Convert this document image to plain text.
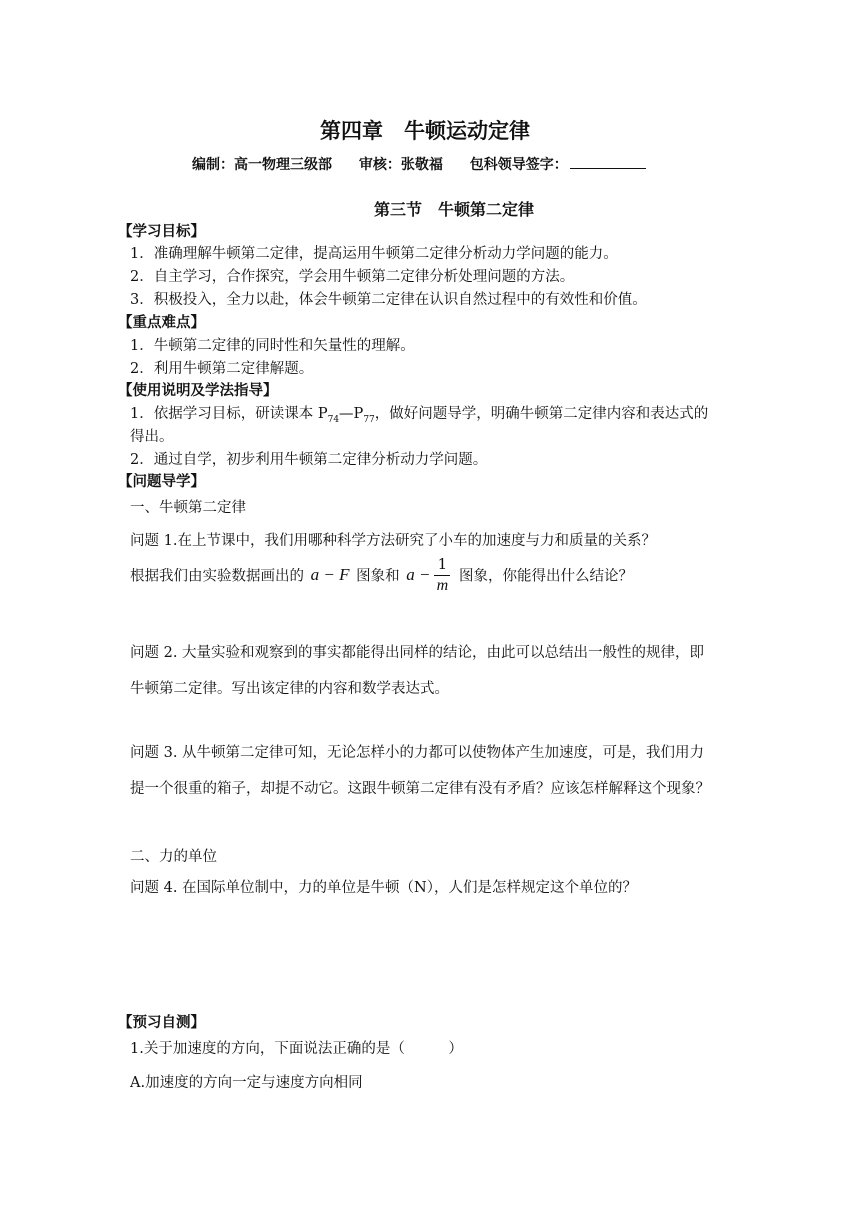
第四章　牛顿运动定律
编制：高一物理三级部 审核：张敬福 包科领导签字：
第三节　牛顿第二定律
【学习目标】
1．准确理解牛顿第二定律，提高运用牛顿第二定律分析动力学问题的能力。
2．自主学习，合作探究，学会用牛顿第二定律分析处理问题的方法。
3．积极投入，全力以赴，体会牛顿第二定律在认识自然过程中的有效性和价值。
【重点难点】
1．牛顿第二定律的同时性和矢量性的理解。
2．利用牛顿第二定律解题。
【使用说明及学法指导】
1．依据学习目标，研读课本 $P_{74}—P_{77}$，做好问题导学，明确牛顿第二定律内容和表达式的
得出。
2．通过自学，初步利用牛顿第二定律分析动力学问题。
【问题导学】
一、牛顿第二定律
问题 1.在上节课中，我们用哪种科学方法研究了小车的加速度与力和质量的关系？
根据我们由实验数据画出的 a − F 图象和 $a - \frac{1}{m}$ 图象，你能得出什么结论？
问题 2. 大量实验和观察到的事实都能得出同样的结论，由此可以总结出一般性的规律，即
牛顿第二定律。写出该定律的内容和数学表达式。
问题 3. 从牛顿第二定律可知，无论怎样小的力都可以使物体产生加速度，可是，我们用力
提一个很重的箱子，却提不动它。这跟牛顿第二定律有没有矛盾？应该怎样解释这个现象？
二、力的单位
问题 4. 在国际单位制中，力的单位是牛顿（N），人们是怎样规定这个单位的？
【预习自测】
1.关于加速度的方向，下面说法正确的是（　　　）
A.加速度的方向一定与速度方向相同
